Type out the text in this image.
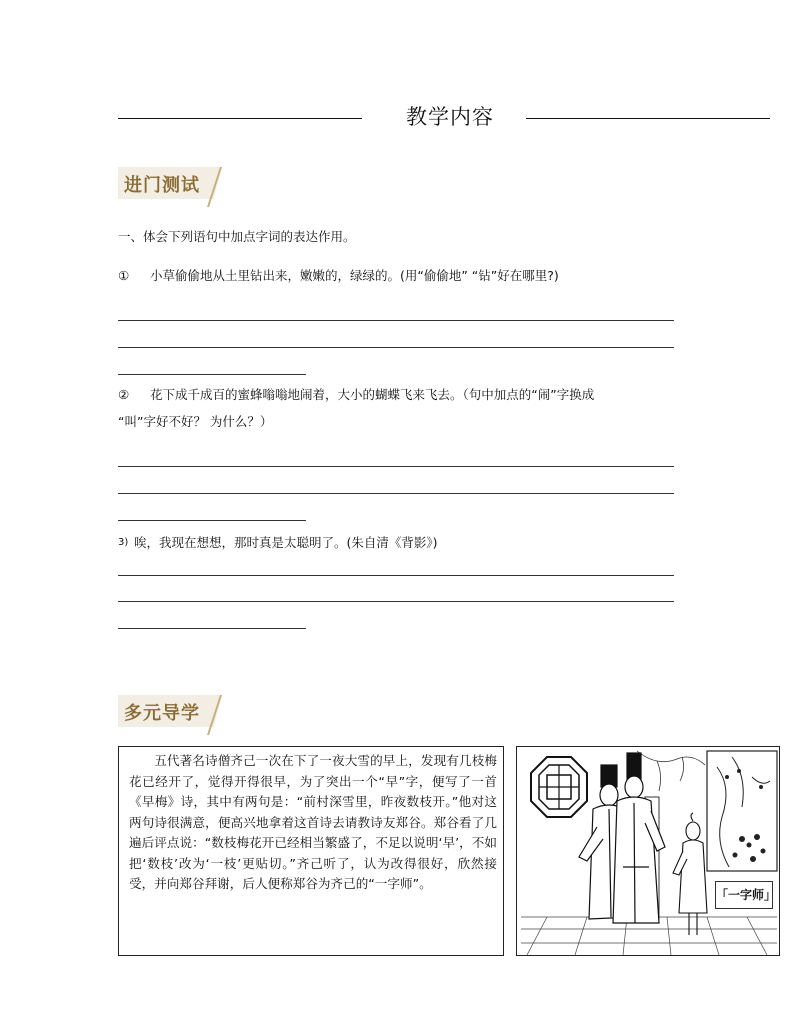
教学内容
进门测试
一、体会下列语句中加点字词的表达作用。
① 小草偷偷地从土里钻出来，嫩嫩的，绿绿的。(用“偷偷地” “钻”好在哪里?)
② 花下成千成百的蜜蜂嗡嗡地闹着，大小的蝴蝶飞来飞去。（句中加点的“闹”字换成
“叫”字好不好？ 为什么？）
3) 唉，我现在想想，那时真是太聪明了。(朱自清《背影》)
多元导学
五代著名诗僧齐己一次在下了一夜大雪的早上，发现有几枝梅花已经开了，觉得开得很早，为了突出一个“早”字，便写了一首《早梅》诗，其中有两句是：“前村深雪里，昨夜数枝开。”他对这两句诗很满意，便高兴地拿着这首诗去请教诗友郑谷。郑谷看了几遍后评点说：“数枝梅花开已经相当繁盛了，不足以说明‘早’，不如把‘数枝’改为‘一枝’更贴切。”齐己听了，认为改得很好，欣然接受，并向郑谷拜谢，后人便称郑谷为齐己的“一字师”。
「一字师」
